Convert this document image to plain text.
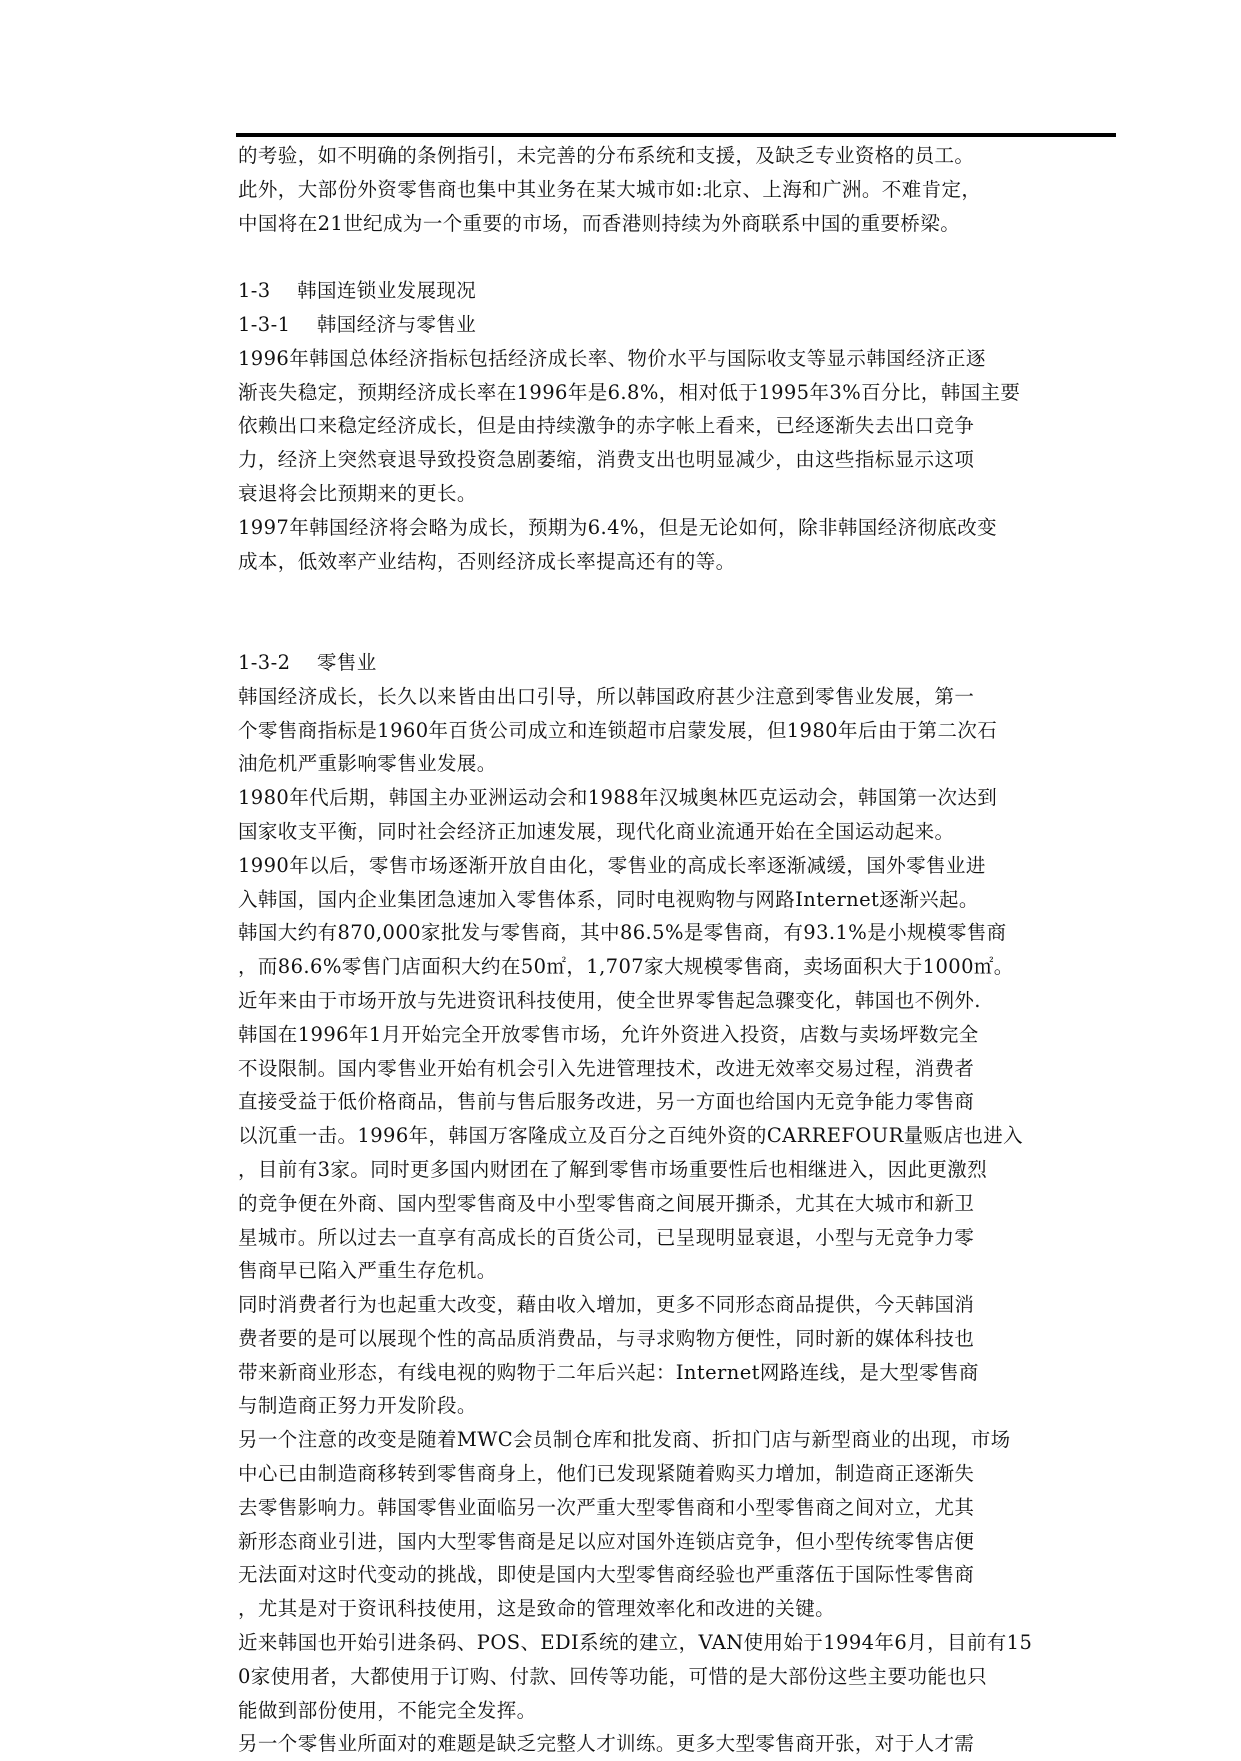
的考验，如不明确的条例指引，未完善的分布系统和支援，及缺乏专业资格的员工。
此外，大部份外资零售商也集中其业务在某大城市如:北京、上海和广洲。不难肯定，
中国将在21世纪成为一个重要的市场，而香港则持续为外商联系中国的重要桥梁。
1-3　 韩国连锁业发展现况
1-3-1　 韩国经济与零售业
1996年韩国总体经济指标包括经济成长率、物价水平与国际收支等显示韩国经济正逐
渐丧失稳定，预期经济成长率在1996年是6.8%，相对低于1995年3%百分比，韩国主要
依赖出口来稳定经济成长，但是由持续激争的赤字帐上看来，已经逐渐失去出口竞争
力，经济上突然衰退导致投资急剧萎缩，消费支出也明显减少，由这些指标显示这项
衰退将会比预期来的更长。
1997年韩国经济将会略为成长，预期为6.4%，但是无论如何，除非韩国经济彻底改变
成本，低效率产业结构，否则经济成长率提高还有的等。
1-3-2　 零售业
韩国经济成长，长久以来皆由出口引导，所以韩国政府甚少注意到零售业发展，第一
个零售商指标是1960年百货公司成立和连锁超市启蒙发展，但1980年后由于第二次石
油危机严重影响零售业发展。
1980年代后期，韩国主办亚洲运动会和1988年汉城奥林匹克运动会，韩国第一次达到
国家收支平衡，同时社会经济正加速发展，现代化商业流通开始在全国运动起来。
1990年以后，零售市场逐渐开放自由化，零售业的高成长率逐渐减缓，国外零售业进
入韩国，国内企业集团急速加入零售体系，同时电视购物与网路Internet逐渐兴起。
韩国大约有870,000家批发与零售商，其中86.5%是零售商，有93.1%是小规模零售商
，而86.6%零售门店面积大约在50㎡，1,707家大规模零售商，卖场面积大于1000㎡。
近年来由于市场开放与先进资讯科技使用，使全世界零售起急骤变化，韩国也不例外.
韩国在1996年1月开始完全开放零售市场，允许外资进入投资，店数与卖场坪数完全
不设限制。国内零售业开始有机会引入先进管理技术，改进无效率交易过程，消费者
直接受益于低价格商品，售前与售后服务改进，另一方面也给国内无竞争能力零售商
以沉重一击。1996年，韩国万客隆成立及百分之百纯外资的CARREFOUR量贩店也进入
，目前有3家。同时更多国内财团在了解到零售市场重要性后也相继进入，因此更激烈
的竞争便在外商、国内型零售商及中小型零售商之间展开撕杀，尤其在大城市和新卫
星城市。所以过去一直享有高成长的百货公司，已呈现明显衰退，小型与无竞争力零
售商早已陷入严重生存危机。
同时消费者行为也起重大改变，藉由收入增加，更多不同形态商品提供，今天韩国消
费者要的是可以展现个性的高品质消费品，与寻求购物方便性，同时新的媒体科技也
带来新商业形态，有线电视的购物于二年后兴起：Internet网路连线，是大型零售商
与制造商正努力开发阶段。
另一个注意的改变是随着MWC会员制仓库和批发商、折扣门店与新型商业的出现，市场
中心已由制造商移转到零售商身上，他们已发现紧随着购买力增加，制造商正逐渐失
去零售影响力。韩国零售业面临另一次严重大型零售商和小型零售商之间对立，尤其
新形态商业引进，国内大型零售商是足以应对国外连锁店竞争，但小型传统零售店便
无法面对这时代变动的挑战，即使是国内大型零售商经验也严重落伍于国际性零售商
，尤其是对于资讯科技使用，这是致命的管理效率化和改进的关键。
近来韩国也开始引进条码、POS、EDI系统的建立，VAN使用始于1994年6月，目前有15
0家使用者，大都使用于订购、付款、回传等功能，可惜的是大部份这些主要功能也只
能做到部份使用，不能完全发挥。
另一个零售业所面对的难题是缺乏完整人才训练。更多大型零售商开张，对于人才需
